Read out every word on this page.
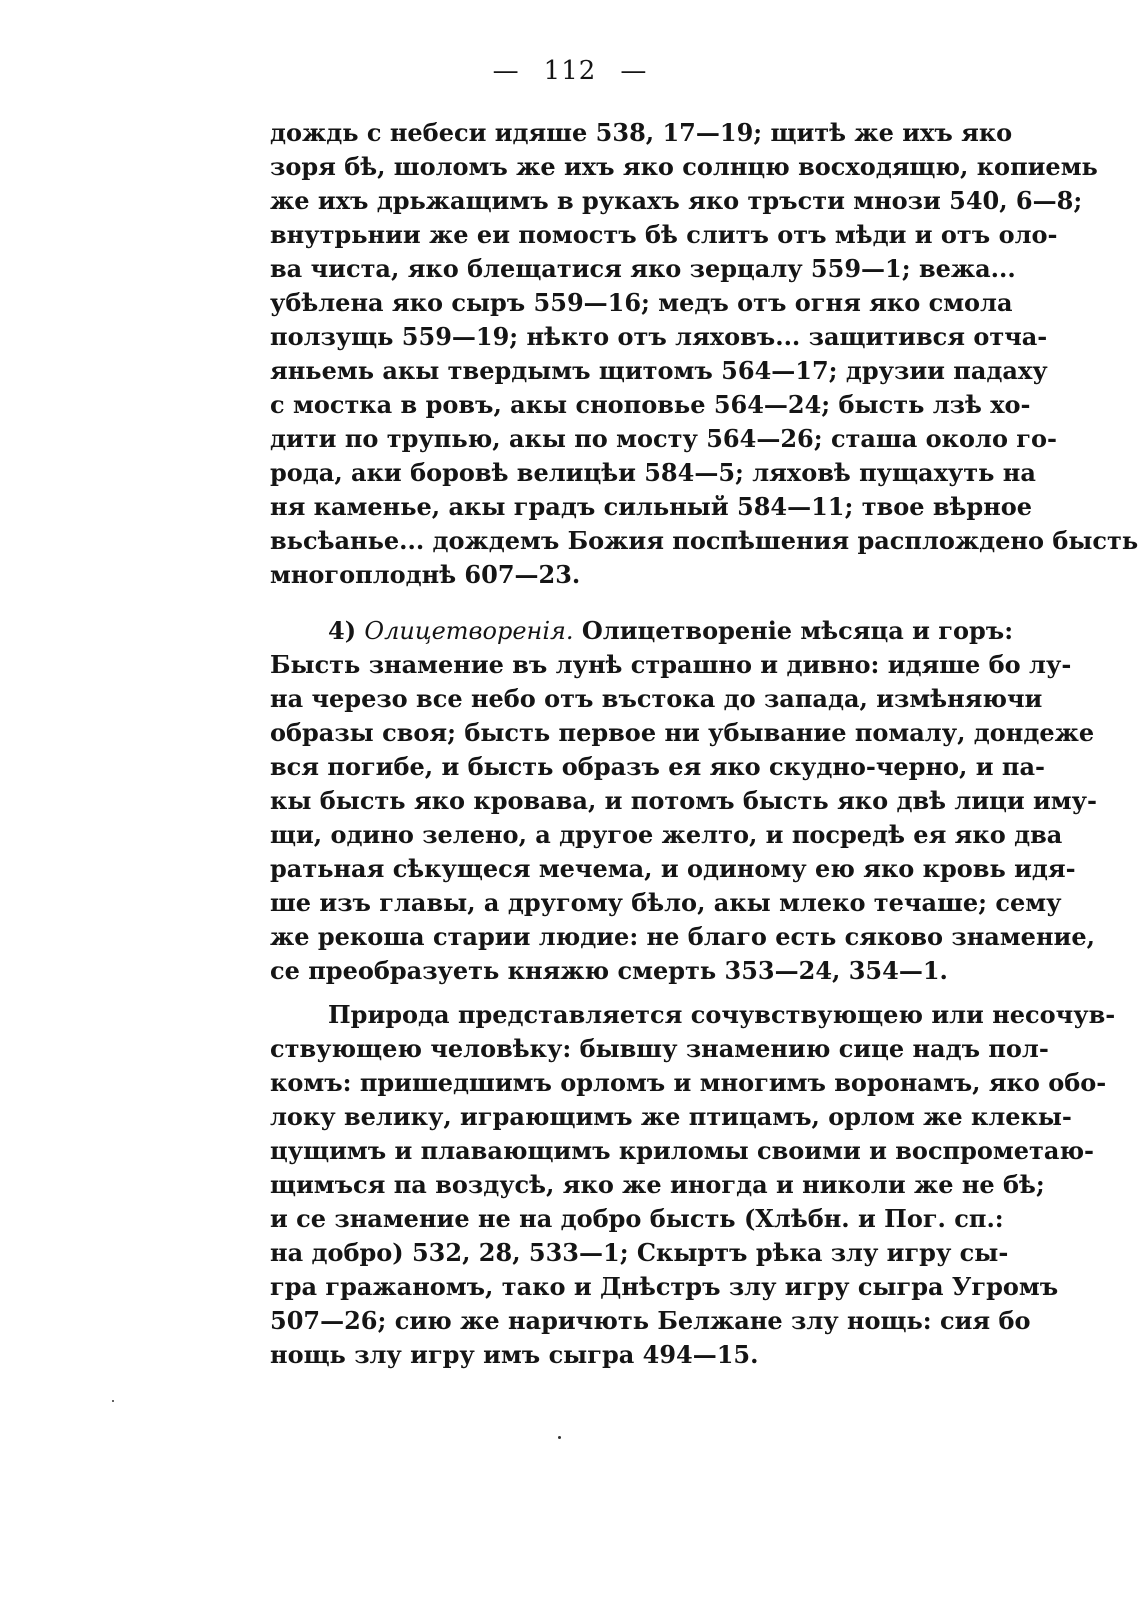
— 112 —
дождь с небеси идяше 538, 17—19; щитѣ же ихъ яко
зоря бѣ, шоломъ же ихъ яко солнцю восходящю, копиемь
же ихъ дрьжащимъ в рукахъ яко тръсти мнози 540, 6—8;
внутрьнии же еи помостъ бѣ слитъ отъ мѣди и отъ оло-
ва чиста, яко блещатися яко зерцалу 559—1; вежа...
убѣлена яко сыръ 559—16; медъ отъ огня яко смола
ползущь 559—19; нѣкто отъ ляховъ... защитився отча-
яньемь акы твердымъ щитомъ 564—17; друзии падаху
с мостка в ровъ, акы сноповье 564—24; бысть лзѣ хо-
дити по трупью, акы по мосту 564—26; сташа около го-
рода, аки боровѣ велицѣи 584—5; ляховѣ пущахуть на
ня каменье, акы градъ сильный 584—11; твое вѣрное
вьсѣанье... дождемъ Божия поспѣшения расплождено бысть
многоплоднѣ 607—23.
4) Олицетворенія. Олицетвореніе мѣсяца и горъ:
Бысть знамение въ лунѣ страшно и дивно: идяше бо лу-
на черезо все небо отъ въстока до запада, измѣняючи
образы своя; бысть первое ни убывание помалу, дондеже
вся погибе, и бысть образъ ея яко скудно-черно, и па-
кы бысть яко кровава, и потомъ бысть яко двѣ лици иму-
щи, одино зелено, а другое желто, и посредѣ ея яко два
ратьная сѣкущеся мечема, и одиному ею яко кровь идя-
ше изъ главы, а другому бѣло, акы млеко течаше; сему
же рекоша старии людие: не благо есть сяково знамение,
се преобразуеть княжю смерть 353—24, 354—1.
Природа представляется сочувствующею или несочув-
ствующею человѣку: бывшу знамению сице надъ пол-
комъ: пришедшимъ орломъ и многимъ воронамъ, яко обо-
локу велику, играющимъ же птицамъ, орлом же клекы-
цущимъ и плавающимъ криломы своими и воспрометаю-
щимъся па воздусѣ, яко же иногда и николи же не бѣ;
и се знамение не на добро бысть (Хлѣбн. и Пог. сп.:
на добро) 532, 28, 533—1; Скыртъ рѣка злу игру сы-
гра гражаномъ, тако и Днѣстръ злу игру сыгра Угромъ
507—26; сию же наричють Белжане злу нощь: сия бо
нощь злу игру имъ сыгра 494—15.
